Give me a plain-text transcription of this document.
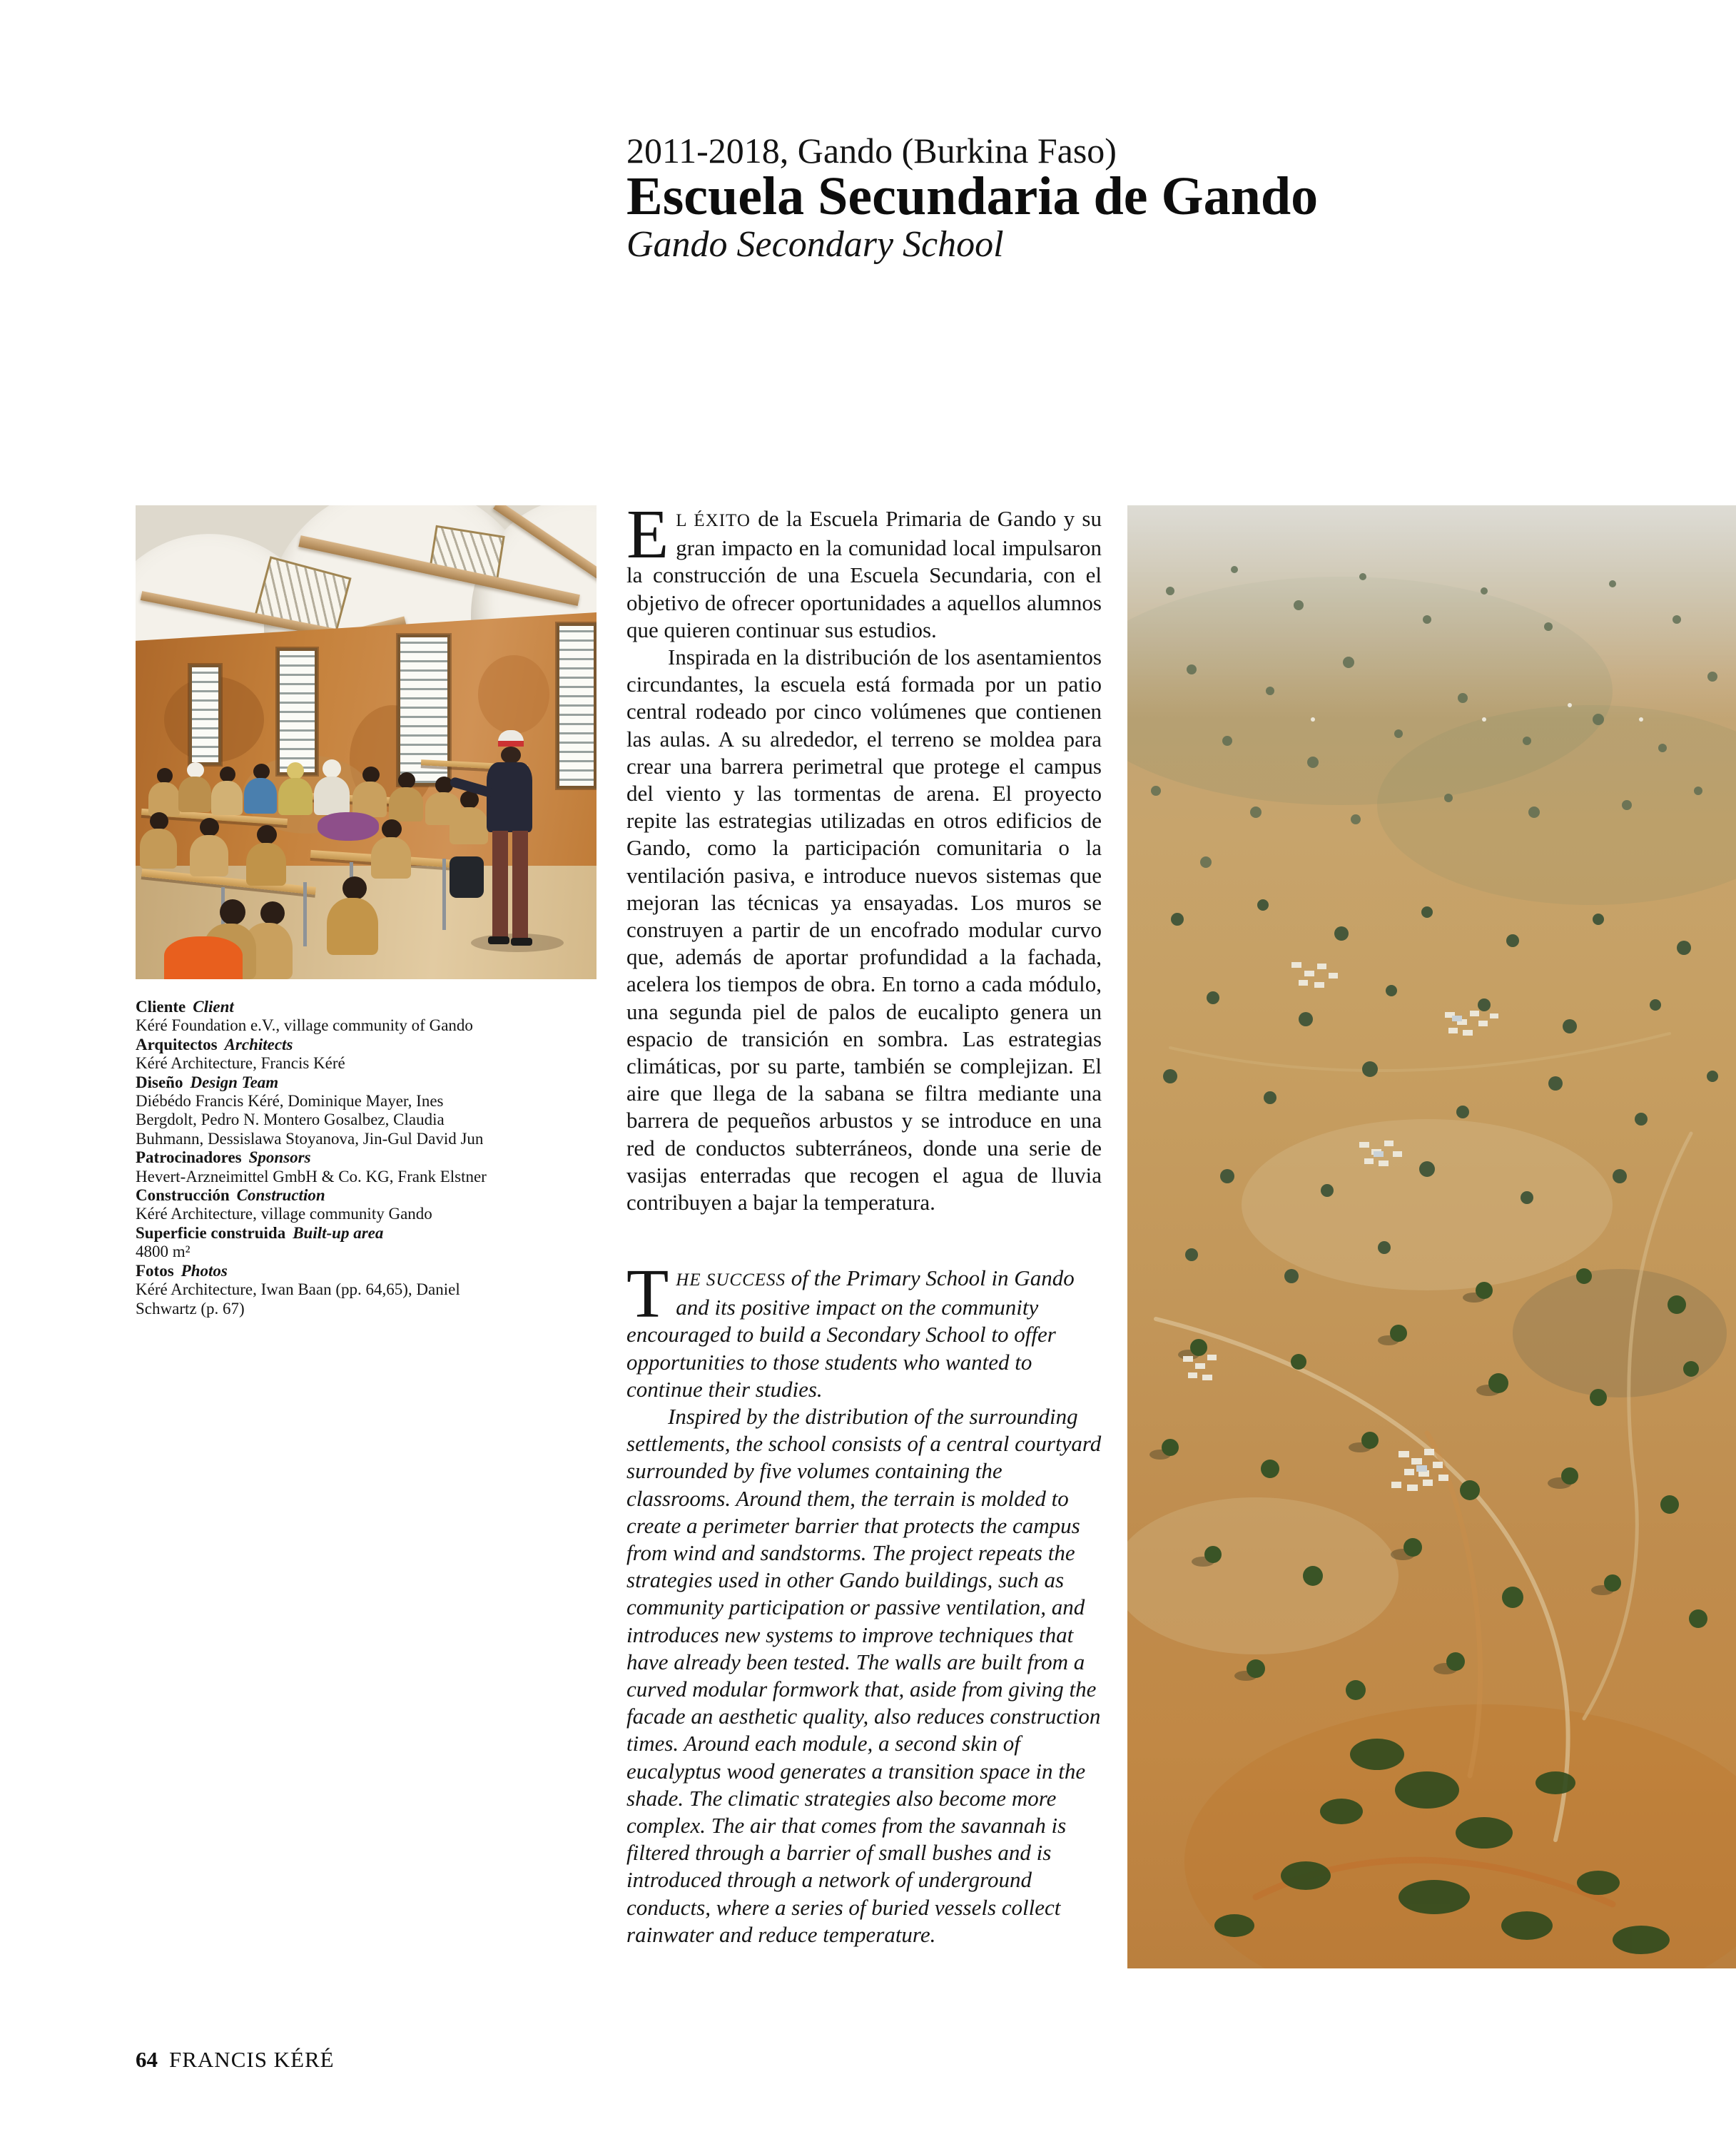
2011-2018, Gando (Burkina Faso)
Escuela Secundaria de Gando
Gando Secondary School
Cliente Client
Kéré Foundation e.V., village community of Gando
Arquitectos Architects
Kéré Architecture, Francis Kéré
Diseño Design Team
Diébédo Francis Kéré, Dominique Mayer, Ines Bergdolt, Pedro N. Montero Gosalbez, Claudia Buhmann, Dessislawa Stoyanova, Jin-Gul David Jun
Patrocinadores Sponsors
Hevert-Arzneimittel GmbH & Co. KG, Frank Elstner
Construcción Construction
Kéré Architecture, village community Gando
Superficie construida Built-up area
4800 m²
Fotos Photos
Kéré Architecture, Iwan Baan (pp. 64,65), Daniel Schwartz (p. 67)

E L ÉXITO de la Escuela Primaria de Gando y su gran impacto en la comunidad local impulsaron la construcción de una Escuela Secundaria, con el objetivo de ofrecer oportunidades a aquellos alumnos que quieren continuar sus estudios.

Inspirada en la distribución de los asentamientos circundantes, la escuela está formada por un patio central rodeado por cinco volúmenes que contienen las aulas. A su alrededor, el terreno se moldea para crear una barrera perimetral que protege el campus del viento y las tormentas de arena. El proyecto repite las estrategias utilizadas en otros edificios de Gando, como la participación comunitaria o la ventilación pasiva, e introduce nuevos sistemas que mejoran las técnicas ya ensayadas. Los muros se construyen a partir de un encofrado modular curvo que, además de aportar profundidad a la fachada, acelera los tiempos de obra. En torno a cada módulo, una segunda piel de palos de eucalipto genera un espacio de transición en sombra. Las estrategias climáticas, por su parte, también se complejizan. El aire que llega de la sabana se filtra mediante una barrera de pequeños arbustos y se introduce en una red de conductos subterráneos, donde una serie de vasijas enterradas que recogen el agua de lluvia contribuyen a bajar la temperatura.

THE SUCCESS of the Primary School in Gando and its positive impact on the community encouraged to build a Secondary School to offer opportunities to those students who wanted to continue their studies.

Inspired by the distribution of the surrounding settlements, the school consists of a central courtyard surrounded by five volumes containing the classrooms. Around them, the terrain is molded to create a perimeter barrier that protects the campus from wind and sandstorms. The project repeats the strategies used in other Gando buildings, such as community participation or passive ventilation, and introduces new systems to improve techniques that have already been tested. The walls are built from a curved modular formwork that, aside from giving the facade an aesthetic quality, also reduces construction times. Around each module, a second skin of eucalyptus wood generates a transition space in the shade. The climatic strategies also become more complex. The air that comes from the savannah is filtered through a barrier of small bushes and is introduced through a network of underground conducts, where a series of buried vessels collect rainwater and reduce temperature.

64 FRANCIS KÉRÉ
